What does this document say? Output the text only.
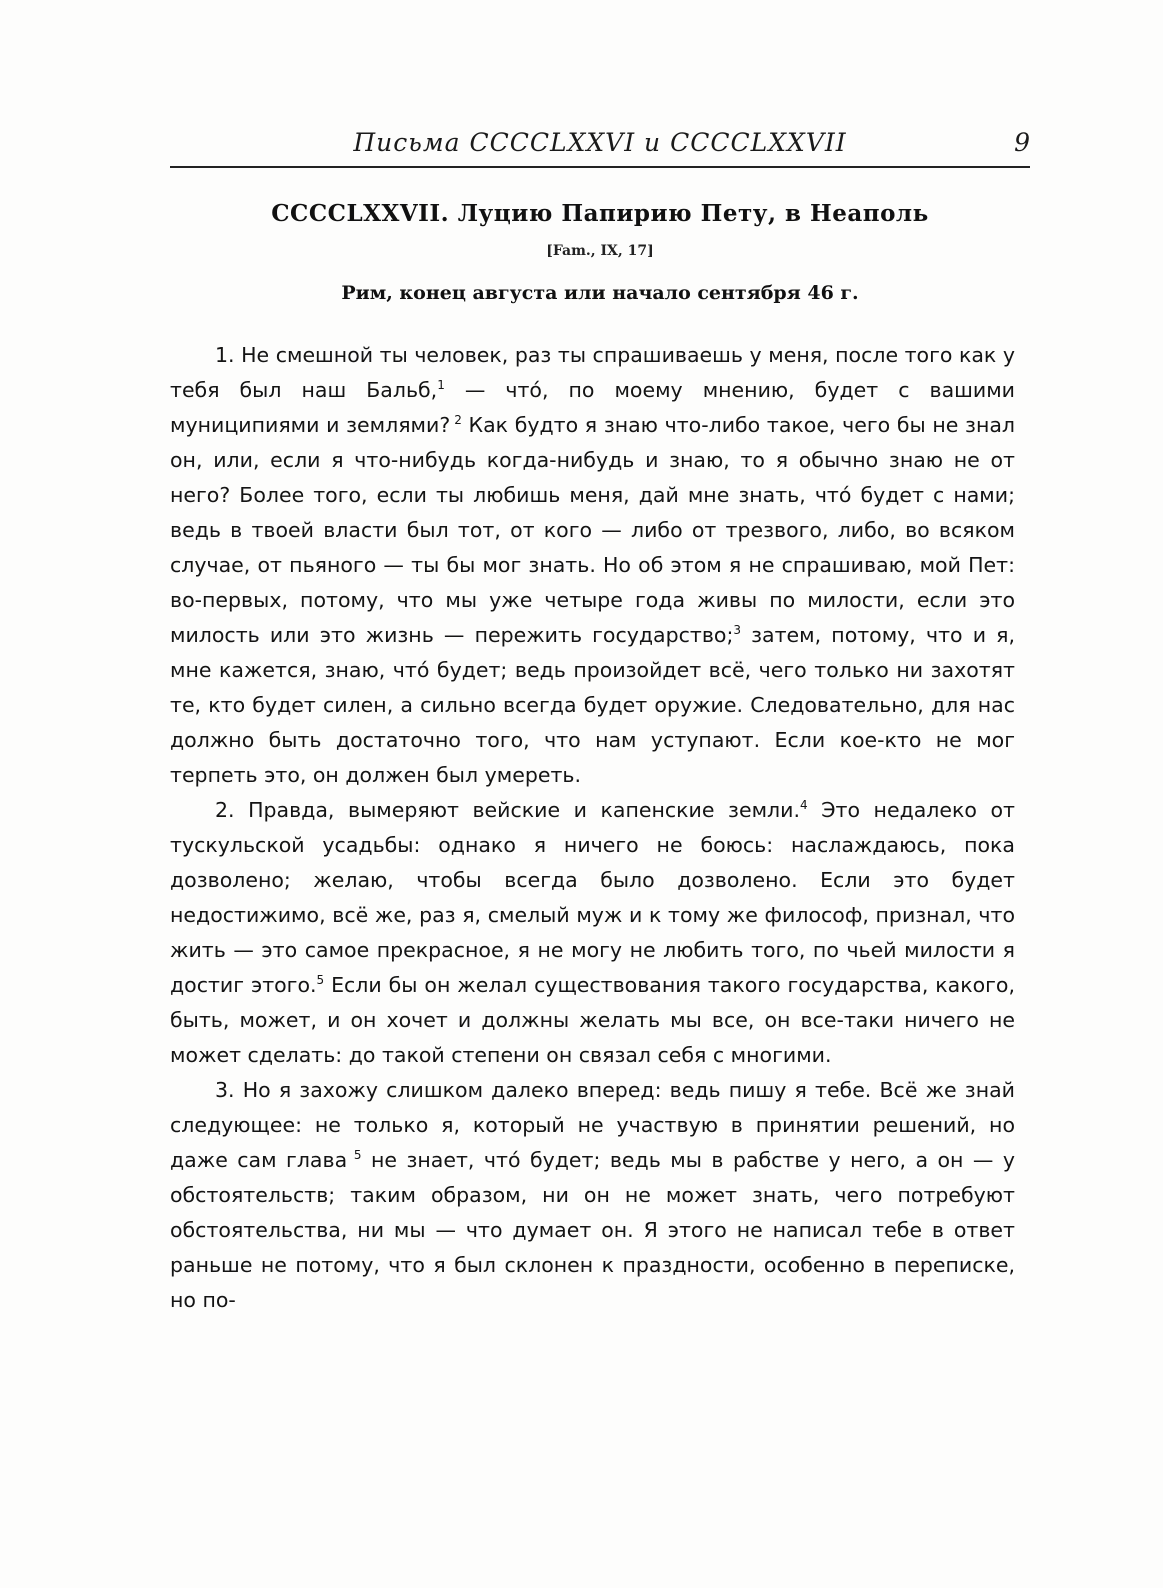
Письма CCCCLXXVI и CCCCLXXVII	9
CCCCLXXVII. Луцию Папирию Пету, в Неаполь
[Fam., IX, 17]
Рим, конец августа или начало сентября 46 г.

1. Не смешной ты человек, раз ты спрашиваешь у меня, после того как у тебя был наш Бальб,$^1$ — что́, по моему мнению, будет с вашими муниципиями и землями? $^2$ Как будто я знаю что-либо такое, чего бы не знал он, или, если я что-нибудь когда-нибудь и знаю, то я обычно знаю не от него? Более того, если ты любишь меня, дай мне знать, что́ будет с нами; ведь в твоей власти был тот, от кого — либо от трезвого, либо, во всяком случае, от пьяного — ты бы мог знать. Но об этом я не спрашиваю, мой Пет: во-первых, потому, что мы уже четыре года живы по милости, если это милость или это жизнь — пережить государство;$^3$ затем, потому, что и я, мне кажется, знаю, что́ будет; ведь произойдет всё, чего только ни захотят те, кто будет силен, а сильно всегда будет оружие. Следовательно, для нас должно быть достаточно того, что нам уступают. Если кое-кто не мог терпеть это, он должен был умереть.

2. Правда, вымеряют вейские и капенские земли.$^4$ Это недалеко от тускульской усадьбы: однако я ничего не боюсь: наслаждаюсь, пока дозволено; желаю, чтобы всегда было дозволено. Если это будет недостижимо, всё же, раз я, смелый муж и к тому же философ, признал, что жить — это самое прекрасное, я не могу не любить того, по чьей милости я достиг этого.$^5$ Если бы он желал существования такого государства, какого, быть, может, и он хочет и должны желать мы все, он все-таки ничего не может сделать: до такой степени он связал себя с многими.

3. Но я захожу слишком далеко вперед: ведь пишу я тебе. Всё же знай следующее: не только я, который не участвую в принятии решений, но даже сам глава $^5$ не знает, что́ будет; ведь мы в рабстве у него, а он — у обстоятельств; таким образом, ни он не может знать, чего потребуют обстоятельства, ни мы — что думает он. Я этого не написал тебе в ответ раньше не потому, что я был склонен к праздности, особенно в переписке, но по-
